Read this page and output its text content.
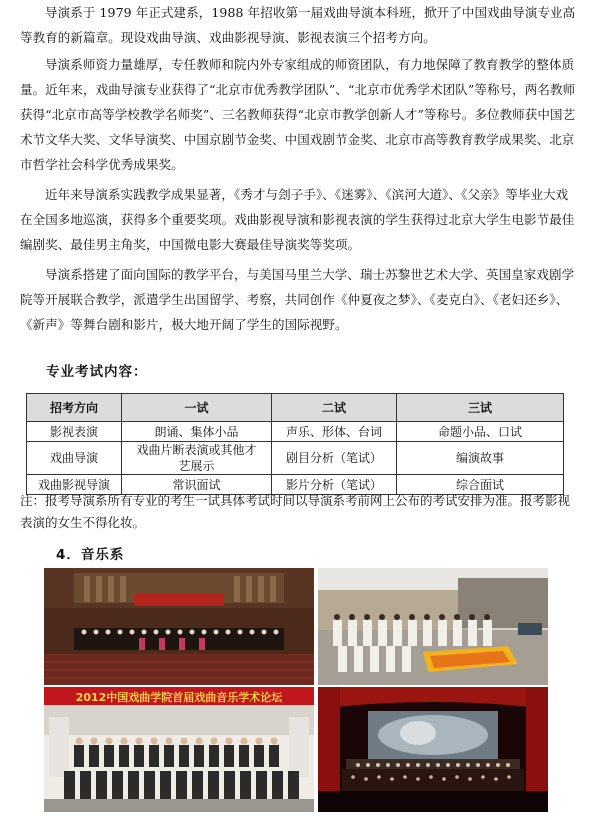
导演系于 1979 年正式建系，1988 年招收第一届戏曲导演本科班，掀开了中国戏曲导演专业高等教育的新篇章。现设戏曲导演、戏曲影视导演、影视表演三个招考方向。

导演系师资力量雄厚，专任教师和院内外专家组成的师资团队，有力地保障了教育教学的整体质量。近年来，戏曲导演专业获得了“北京市优秀教学团队”、“北京市优秀学术团队”等称号，两名教师获得“北京市高等学校教学名师奖”、三名教师获得“北京市教学创新人才”等称号。多位教师获中国艺术节文华大奖、文华导演奖、中国京剧节金奖、中国戏剧节金奖、北京市高等教育教学成果奖、北京市哲学社会科学优秀成果奖。

近年来导演系实践教学成果显著，《秀才与刽子手》、《迷雾》、《滨河大道》、《父亲》等毕业大戏在全国多地巡演，获得多个重要奖项。戏曲影视导演和影视表演的学生获得过北京大学生电影节最佳编剧奖、最佳男主角奖，中国微电影大赛最佳导演奖等奖项。

导演系搭建了面向国际的教学平台，与美国马里兰大学、瑞士苏黎世艺术大学、英国皇家戏剧学院等开展联合教学，派遣学生出国留学、考察，共同创作《仲夏夜之梦》、《麦克白》、《老妇还乡》、《新声》等舞台剧和影片，极大地开阔了学生的国际视野。

专业考试内容：
招考方向	一试	二试	三试
影视表演	朗诵、集体小品	声乐、形体、台词	命题小品、口试
戏曲导演	戏曲片断表演或其他才艺展示	剧目分析（笔试）	编演故事
戏曲影视导演	常识面试	影片分析（笔试）	综合面试

注：报考导演系所有专业的考生一试具体考试时间以导演系考前网上公布的考试安排为准。报考影视表演的女生不得化妆。

4．音乐系
2012中国戏曲学院首届戏曲音乐学术论坛
